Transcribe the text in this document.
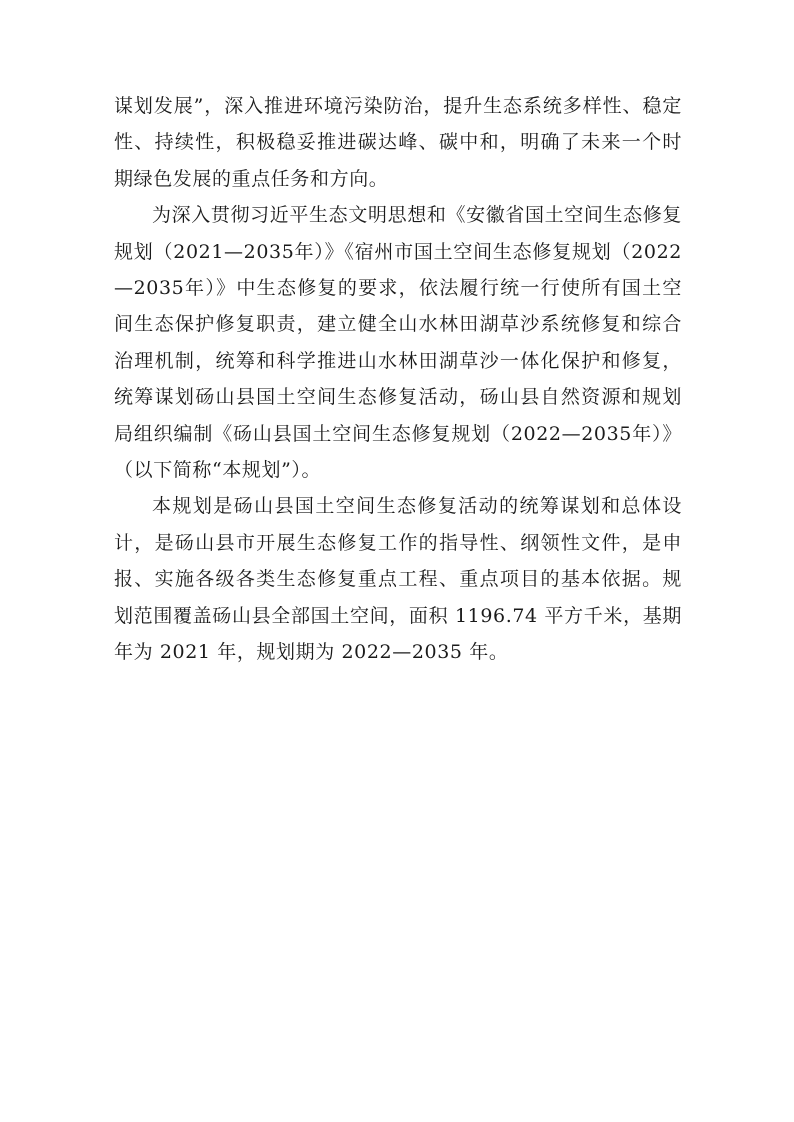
谋划发展”，深入推进环境污染防治，提升生态系统多样性、稳定性、持续性，积极稳妥推进碳达峰、碳中和，明确了未来一个时期绿色发展的重点任务和方向。

为深入贯彻习近平生态文明思想和《安徽省国土空间生态修复规划（2021—2035年）》《宿州市国土空间生态修复规划（2022—2035年）》中生态修复的要求，依法履行统一行使所有国土空间生态保护修复职责，建立健全山水林田湖草沙系统修复和综合治理机制，统筹和科学推进山水林田湖草沙一体化保护和修复，统筹谋划砀山县国土空间生态修复活动，砀山县自然资源和规划局组织编制《砀山县国土空间生态修复规划（2022—2035年）》（以下简称“本规划”）。

本规划是砀山县国土空间生态修复活动的统筹谋划和总体设计，是砀山县市开展生态修复工作的指导性、纲领性文件，是申报、实施各级各类生态修复重点工程、重点项目的基本依据。规划范围覆盖砀山县全部国土空间，面积 1196.74 平方千米，基期年为 2021 年，规划期为 2022—2035 年。
